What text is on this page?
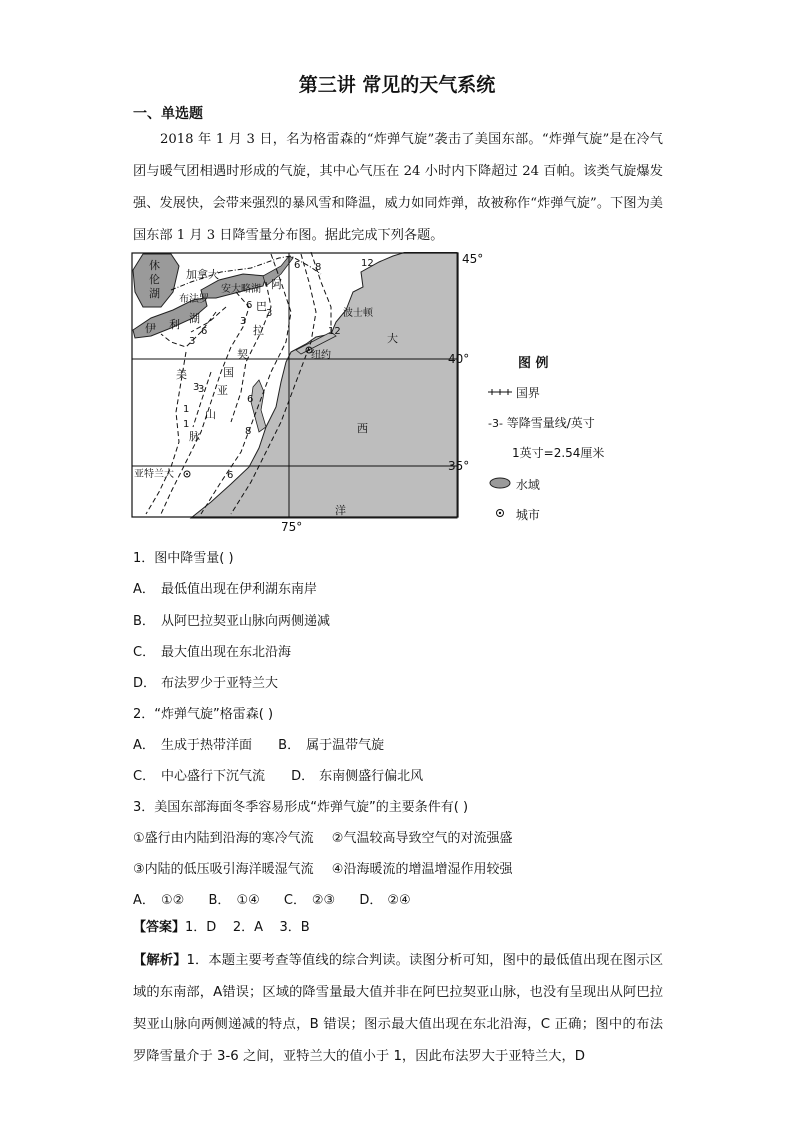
第三讲 常见的天气系统
一、单选题

2018 年 1 月 3 日，名为格雷森的“炸弹气旋”袭击了美国东部。“炸弹气旋”是在冷气团与暖气团相遇时形成的气旋，其中心气压在 24 小时内下降超过 24 百帕。该类气旋爆发强、发展快，会带来强烈的暴风雪和降温，威力如同炸弹，故被称作“炸弹气旋”。下图为美国东部 1 月 3 日降雪量分布图。据此完成下列各题。

12
6 8
12
6
3
3
6
3
3
1
6
8
6
3
1
休
伦
湖
加拿大
安大略湖
布法罗
伊 利 湖
阿
巴
拉
契
亚
山
脉
美	国
波士顿
纽约
亚特兰大
大
西
洋
45°
40°
35°
75°
图 例
国界
-3- 等降雪量线/英寸
1英寸=2.54厘米
水域
城市
1．图中降雪量( )
A． 最低值出现在伊利湖东南岸
B． 从阿巴拉契亚山脉向两侧递减
C． 最大值出现在东北沿海
D． 布法罗少于亚特兰大
2．“炸弹气旋”格雷森( )
A． 生成于热带洋面 B． 属于温带气旋
C． 中心盛行下沉气流 D． 东南侧盛行偏北风
3．美国东部海面冬季容易形成“炸弹气旋”的主要条件有( )
①盛行由内陆到沿海的寒冷气流 ②气温较高导致空气的对流强盛
③内陆的低压吸引海洋暖湿气流 ④沿海暖流的增温增湿作用较强
A． ①② B． ①④ C． ②③ D． ②④
【答案】1．D    2．A    3．B
【解析】1．本题主要考查等值线的综合判读。读图分析可知，图中的最低值出现在图示区域的东南部，A错误；区域的降雪量最大值并非在阿巴拉契亚山脉，也没有呈现出从阿巴拉契亚山脉向两侧递减的特点，B 错误；图示最大值出现在东北沿海，C 正确；图中的布法罗降雪量介于 3-6 之间，亚特兰大的值小于 1，因此布法罗大于亚特兰大，D
